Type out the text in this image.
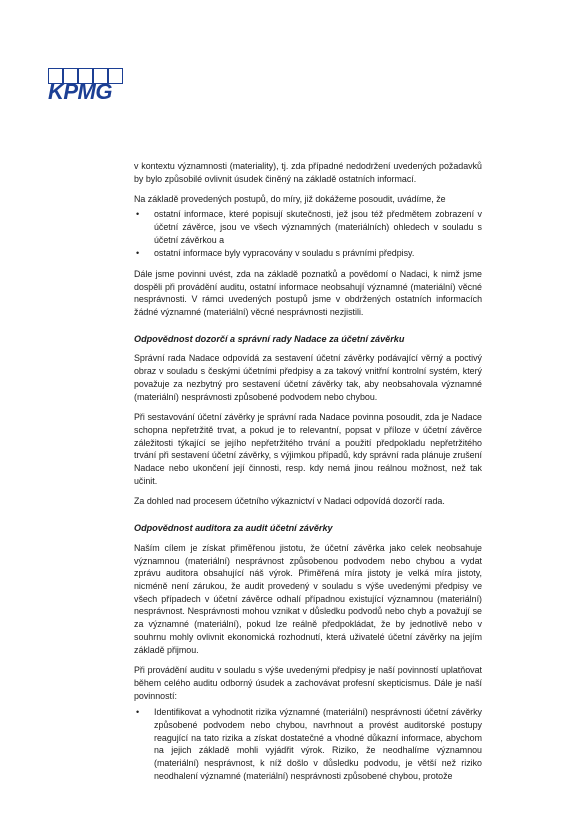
KPMG

v kontextu významnosti (materiality), tj. zda případné nedodržení uvedených požadavků by bylo způsobilé ovlivnit úsudek činěný na základě ostatních informací.

Na základě provedených postupů, do míry, již dokážeme posoudit, uvádíme, že

• ostatní informace, které popisují skutečnosti, jež jsou též předmětem zobrazení v účetní závěrce, jsou ve všech významných (materiálních) ohledech v souladu s účetní závěrkou a
• ostatní informace byly vypracovány v souladu s právními předpisy.

Dále jsme povinni uvést, zda na základě poznatků a povědomí o Nadaci, k nimž jsme dospěli při provádění auditu, ostatní informace neobsahují významné (materiální) věcné nesprávnosti. V rámci uvedených postupů jsme v obdržených ostatních informacích žádné významné (materiální) věcné nesprávnosti nezjistili.

Odpovědnost dozorčí a správní rady Nadace za účetní závěrku

Správní rada Nadace odpovídá za sestavení účetní závěrky podávající věrný a poctivý obraz v souladu s českými účetními předpisy a za takový vnitřní kontrolní systém, který považuje za nezbytný pro sestavení účetní závěrky tak, aby neobsahovala významné (materiální) nesprávnosti způsobené podvodem nebo chybou.

Při sestavování účetní závěrky je správní rada Nadace povinna posoudit, zda je Nadace schopna nepřetržitě trvat, a pokud je to relevantní, popsat v příloze v účetní závěrce záležitosti týkající se jejího nepřetržitého trvání a použití předpokladu nepřetržitého trvání při sestavení účetní závěrky, s výjimkou případů, kdy správní rada plánuje zrušení Nadace nebo ukončení její činnosti, resp. kdy nemá jinou reálnou možnost, než tak učinit.

Za dohled nad procesem účetního výkaznictví v Nadaci odpovídá dozorčí rada.

Odpovědnost auditora za audit účetní závěrky

Naším cílem je získat přiměřenou jistotu, že účetní závěrka jako celek neobsahuje významnou (materiální) nesprávnost způsobenou podvodem nebo chybou a vydat zprávu auditora obsahující náš výrok. Přiměřená míra jistoty je velká míra jistoty, nicméně není zárukou, že audit provedený v souladu s výše uvedenými předpisy ve všech případech v účetní závěrce odhalí případnou existující významnou (materiální) nesprávnost. Nesprávnosti mohou vznikat v důsledku podvodů nebo chyb a považují se za významné (materiální), pokud lze reálně předpokládat, že by jednotlivě nebo v souhrnu mohly ovlivnit ekonomická rozhodnutí, která uživatelé účetní závěrky na jejím základě přijmou.

Při provádění auditu v souladu s výše uvedenými předpisy je naší povinností uplatňovat během celého auditu odborný úsudek a zachovávat profesní skepticismus. Dále je naší povinností:

• Identifikovat a vyhodnotit rizika významné (materiální) nesprávnosti účetní závěrky způsobené podvodem nebo chybou, navrhnout a provést auditorské postupy reagující na tato rizika a získat dostatečné a vhodné důkazní informace, abychom na jejich základě mohli vyjádřit výrok. Riziko, že neodhalíme významnou (materiální) nesprávnost, k níž došlo v důsledku podvodu, je větší než riziko neodhalení významné (materiální) nesprávnosti způsobené chybou, protože
